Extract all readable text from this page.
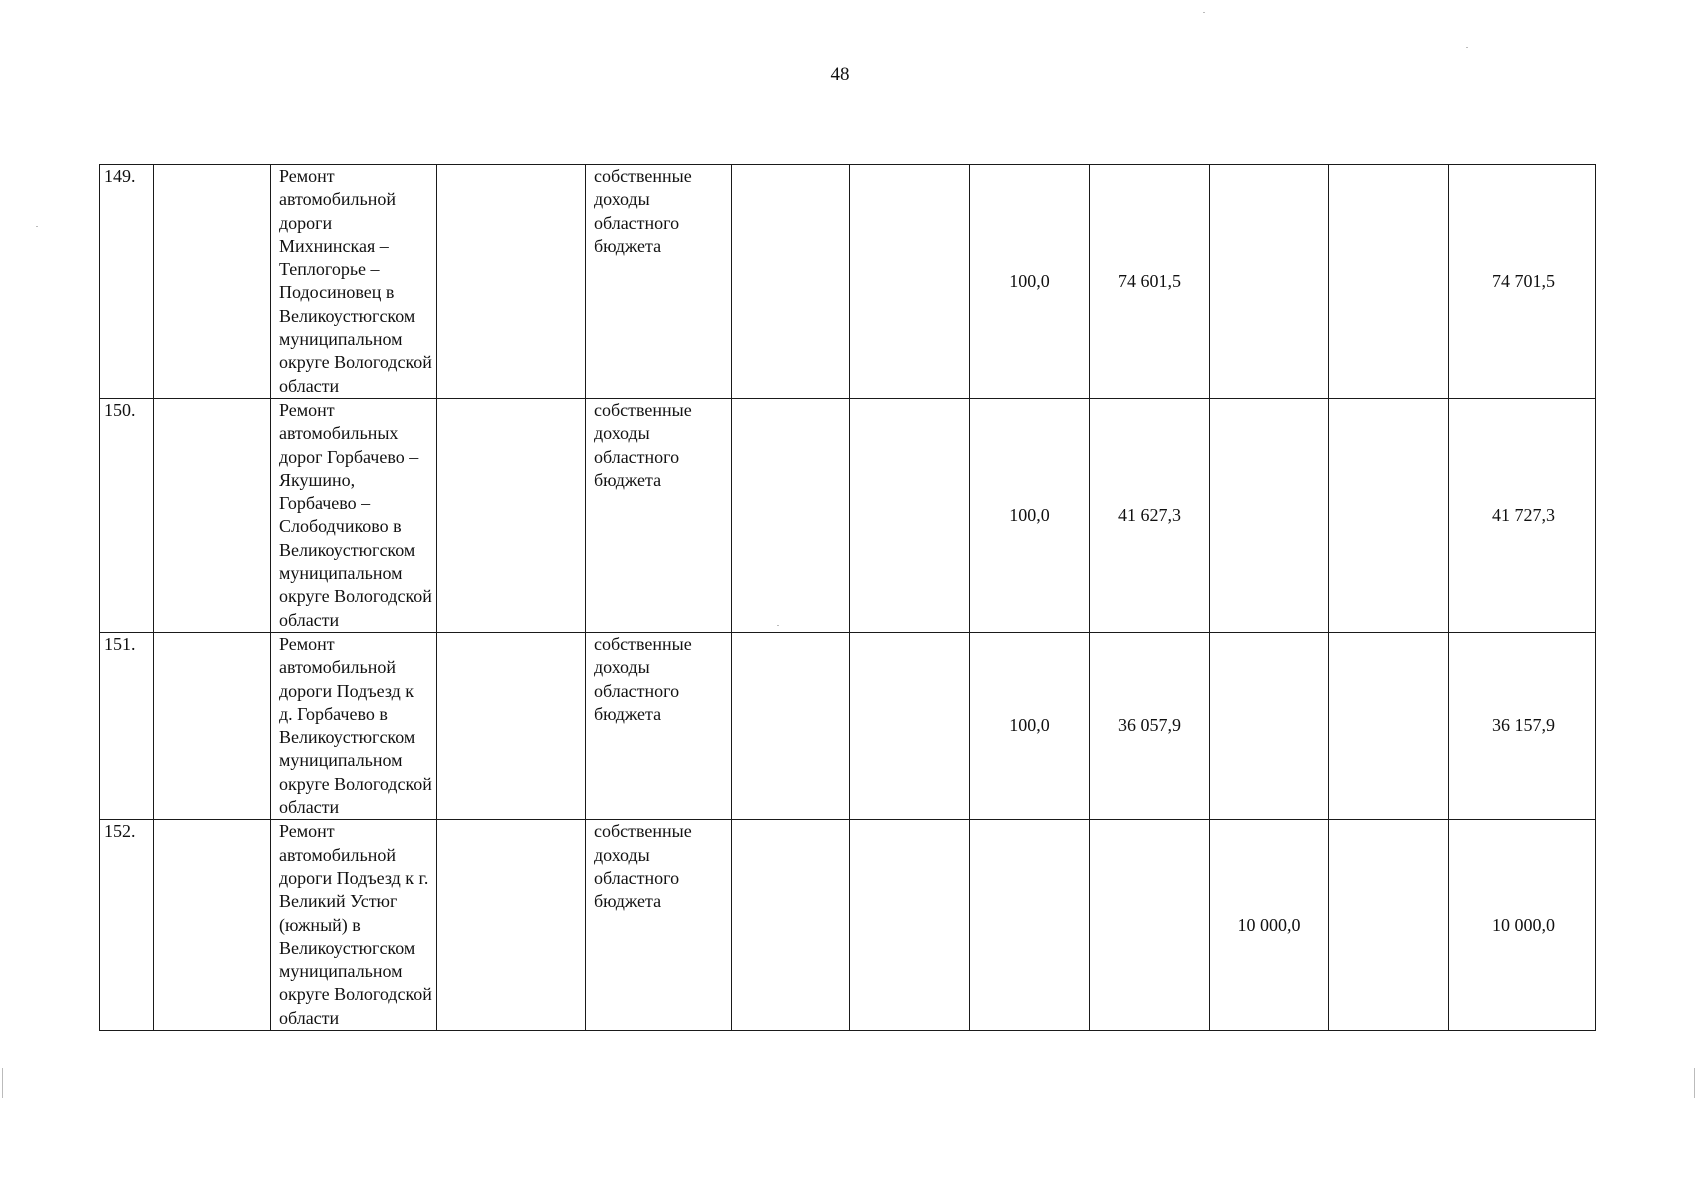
48
149.		Ремонт автомобильной дороги Михнинская – Теплогорье – Подосиновец в Великоустюгском муниципальном округе Вологодской области		собственные доходы областного бюджета			100,0	74 601,5			74 701,5
150.		Ремонт автомобильных дорог Горбачево – Якушино, Горбачево – Слободчиково в Великоустюгском муниципальном округе Вологодской области		собственные доходы областного бюджета			100,0	41 627,3			41 727,3
151.		Ремонт автомобильной дороги Подъезд к д. Горбачево в Великоустюгском муниципальном округе Вологодской области		собственные доходы областного бюджета			100,0	36 057,9			36 157,9
152.		Ремонт автомобильной дороги Подъезд к г. Великий Устюг (южный) в Великоустюгском муниципальном округе Вологодской области		собственные доходы областного бюджета					10 000,0		10 000,0
